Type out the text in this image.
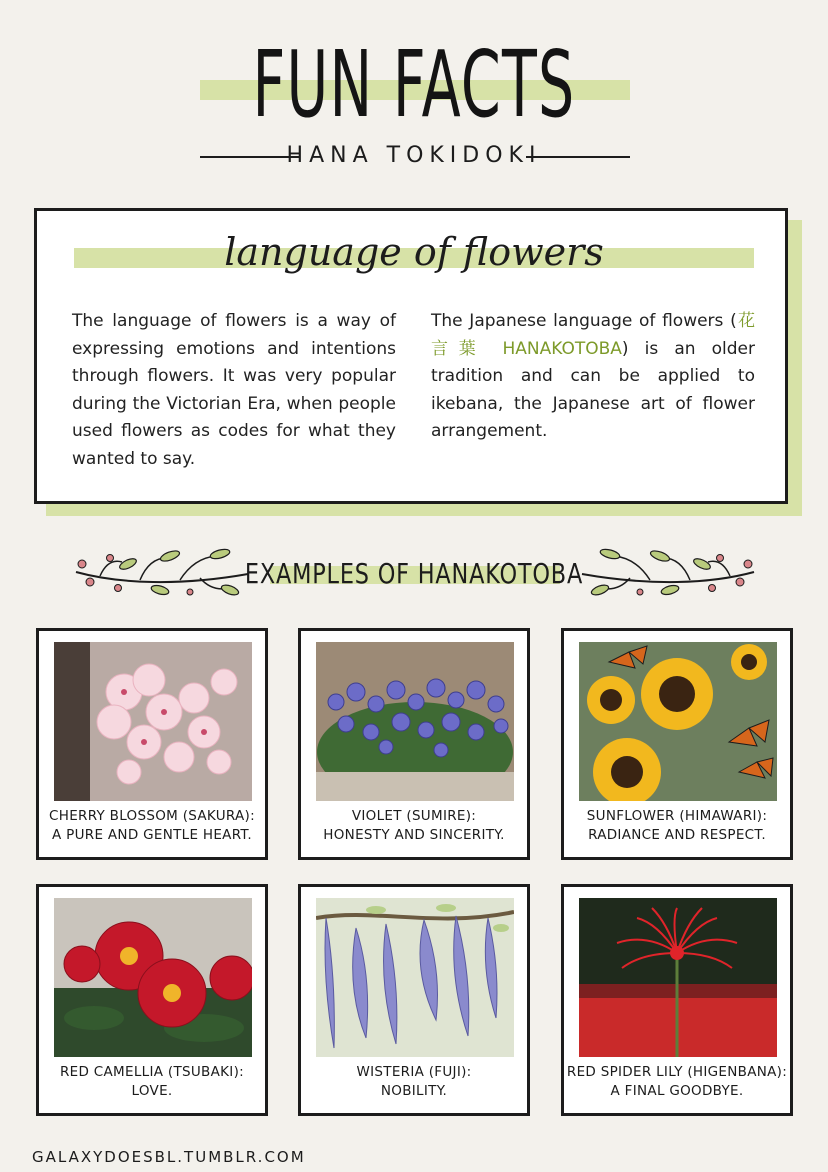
FUN FACTS
HANA TOKIDOKI
language of flowers
The language of flowers is a way of expressing emotions and intentions through flowers. It was very popular during the Victorian Era, when people used flowers as codes for what they wanted to say.
The Japanese language of flowers (花言葉 HANAKOTOBA) is an older tradition and can be applied to ikebana, the Japanese art of flower arrangement.
EXAMPLES OF HANAKOTOBA
CHERRY BLOSSOM (SAKURA):
A PURE AND GENTLE HEART.
VIOLET (SUMIRE):
HONESTY AND SINCERITY.
SUNFLOWER (HIMAWARI):
RADIANCE AND RESPECT.
RED CAMELLIA (TSUBAKI):
LOVE.
WISTERIA (FUJI):
NOBILITY.
RED SPIDER LILY (HIGENBANA):
A FINAL GOODBYE.
GALAXYDOESBL.TUMBLR.COM
